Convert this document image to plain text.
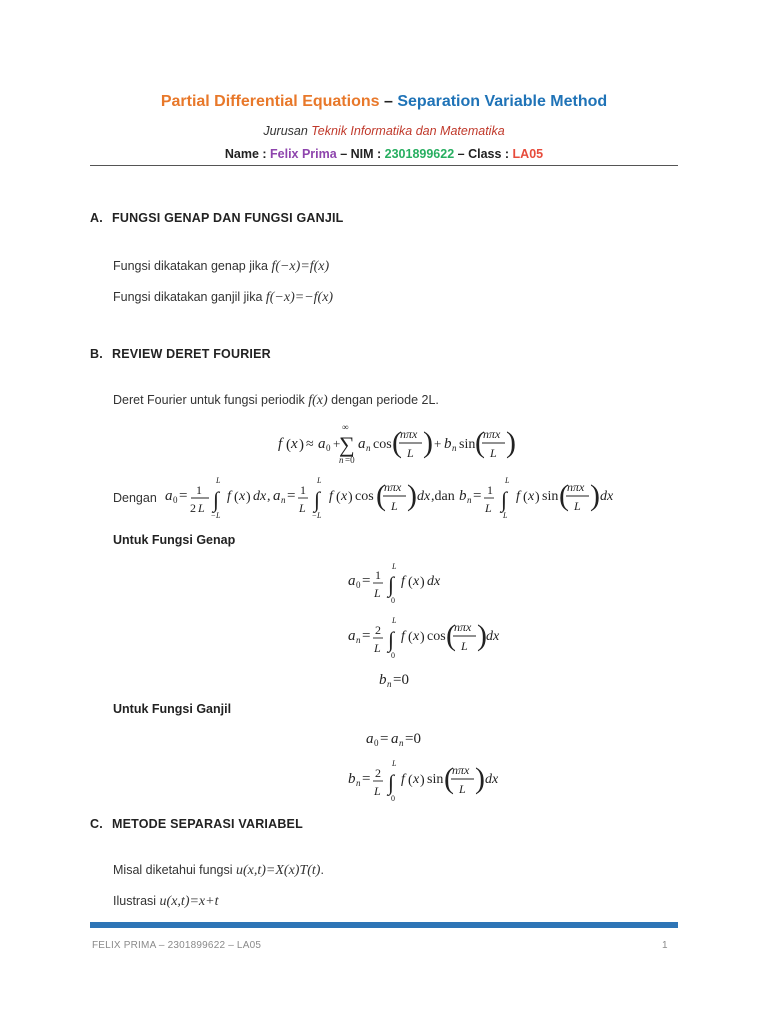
Partial Differential Equations – Separation Variable Method
Jurusan Teknik Informatika dan Matematika
Name : Felix Prima – NIM : 2301899622 – Class : LA05
A. FUNGSI GENAP DAN FUNGSI GANJIL
Fungsi dikatakan genap jika f(−x)=f(x)
Fungsi dikatakan ganjil jika f(−x)=−f(x)
B. REVIEW DERET FOURIER
Deret Fourier untuk fungsi periodik f(x) dengan periode 2L.
f ( x ) ≈ a 0 +
∞
∑
n =0
a n cos (
nπx
L ) + b n sin (
nπx
L )
Dengan a 0 = 1
2 L
L
∫
− L
f ( x ) dx , a n = 1
L
L
∫
− L
f ( x ) cos (
nπx
L ) dx ,dan b n = 1
L
L
∫
L
f ( x ) sin (
nπx
L ) dx
Untuk Fungsi Genap
a 0 = 1
L
L
∫
0
f ( x ) dx
a n = 2
L
L
∫
0
f ( x ) cos (
nπx
L ) dx
b n =0
Untuk Fungsi Ganjil
a 0 = a n =0
b n = 2
L
L
∫
0
f ( x ) sin (
nπx
L ) dx
C. METODE SEPARASI VARIABEL
Misal diketahui fungsi u(x,t)=X(x)T(t).
Ilustrasi u(x,t)=x+t
FELIX PRIMA – 2301899622 – LA05	1
